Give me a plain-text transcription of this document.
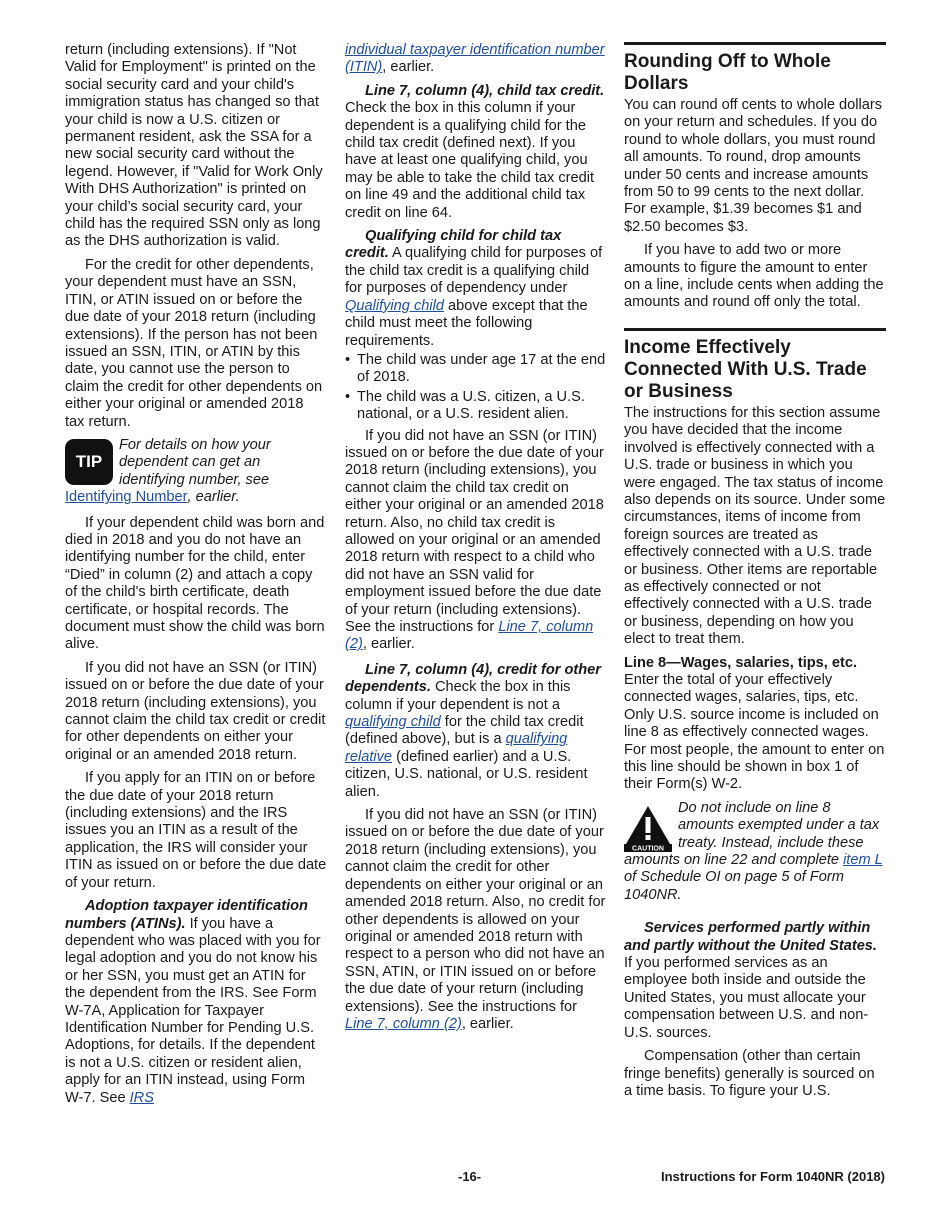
return (including extensions). If "Not Valid for Employment" is printed on the social security card and your child's immigration status has changed so that your child is now a U.S. citizen or permanent resident, ask the SSA for a new social security card without the legend. However, if "Valid for Work Only With DHS Authorization" is printed on your child’s social security card, your child has the required SSN only as long as the DHS authorization is valid.

For the credit for other dependents, your dependent must have an SSN, ITIN, or ATIN issued on or before the due date of your 2018 return (including extensions). If the person has not been issued an SSN, ITIN, or ATIN by this date, you cannot use the person to claim the credit for other dependents on either your original or amended 2018 tax return.

TIP
For details on how your dependent can get an identifying number, see Identifying Number, earlier.

If your dependent child was born and died in 2018 and you do not have an identifying number for the child, enter “Died” in column (2) and attach a copy of the child's birth certificate, death certificate, or hospital records. The document must show the child was born alive.

If you did not have an SSN (or ITIN) issued on or before the due date of your 2018 return (including extensions), you cannot claim the child tax credit or credit for other dependents on either your original or an amended 2018 return.

If you apply for an ITIN on or before the due date of your 2018 return (including extensions) and the IRS issues you an ITIN as a result of the application, the IRS will consider your ITIN as issued on or before the due date of your return.

Adoption taxpayer identification numbers (ATINs). If you have a dependent who was placed with you for legal adoption and you do not know his or her SSN, you must get an ATIN for the dependent from the IRS. See Form W-7A, Application for Taxpayer Identification Number for Pending U.S. Adoptions, for details. If the dependent is not a U.S. citizen or resident alien, apply for an ITIN instead, using Form W-7. See IRS

individual taxpayer identification number (ITIN), earlier.

Line 7, column (4), child tax credit. Check the box in this column if your dependent is a qualifying child for the child tax credit (defined next). If you have at least one qualifying child, you may be able to take the child tax credit on line 49 and the additional child tax credit on line 64.

Qualifying child for child tax credit. A qualifying child for purposes of the child tax credit is a qualifying child for purposes of dependency under Qualifying child above except that the child must meet the following requirements.

• The child was under age 17 at the end of 2018.
• The child was a U.S. citizen, a U.S. national, or a U.S. resident alien.

If you did not have an SSN (or ITIN) issued on or before the due date of your 2018 return (including extensions), you cannot claim the child tax credit on either your original or an amended 2018 return. Also, no child tax credit is allowed on your original or an amended 2018 return with respect to a child who did not have an SSN valid for employment issued before the due date of your return (including extensions). See the instructions for Line 7, column (2), earlier.

Line 7, column (4), credit for other dependents. Check the box in this column if your dependent is not a qualifying child for the child tax credit (defined above), but is a qualifying relative (defined earlier) and a U.S. citizen, U.S. national, or U.S. resident alien.

If you did not have an SSN (or ITIN) issued on or before the due date of your 2018 return (including extensions), you cannot claim the credit for other dependents on either your original or an amended 2018 return. Also, no credit for other dependents is allowed on your original or amended 2018 return with respect to a person who did not have an SSN, ATIN, or ITIN issued on or before the due date of your return (including extensions). See the instructions for Line 7, column (2), earlier.

Rounding Off to Whole Dollars

You can round off cents to whole dollars on your return and schedules. If you do round to whole dollars, you must round all amounts. To round, drop amounts under 50 cents and increase amounts from 50 to 99 cents to the next dollar. For example, $1.39 becomes $1 and $2.50 becomes $3.

If you have to add two or more amounts to figure the amount to enter on a line, include cents when adding the amounts and round off only the total.

Income Effectively Connected With U.S. Trade or Business

The instructions for this section assume you have decided that the income involved is effectively connected with a U.S. trade or business in which you were engaged. The tax status of income also depends on its source. Under some circumstances, items of income from foreign sources are treated as effectively connected with a U.S. trade or business. Other items are reportable as effectively connected or not effectively connected with a U.S. trade or business, depending on how you elect to treat them.

Line 8—Wages, salaries, tips, etc.
Enter the total of your effectively connected wages, salaries, tips, etc. Only U.S. source income is included on line 8 as effectively connected wages. For most people, the amount to enter on this line should be shown in box 1 of their Form(s) W-2.

CAUTION
Do not include on line 8 amounts exempted under a tax treaty. Instead, include these amounts on line 22 and complete item L of Schedule OI on page 5 of Form 1040NR.

Services performed partly within and partly without the United States. If you performed services as an employee both inside and outside the United States, you must allocate your compensation between U.S. and non-U.S. sources.

Compensation (other than certain fringe benefits) generally is sourced on a time basis. To figure your U.S.

-16-	Instructions for Form 1040NR (2018)
